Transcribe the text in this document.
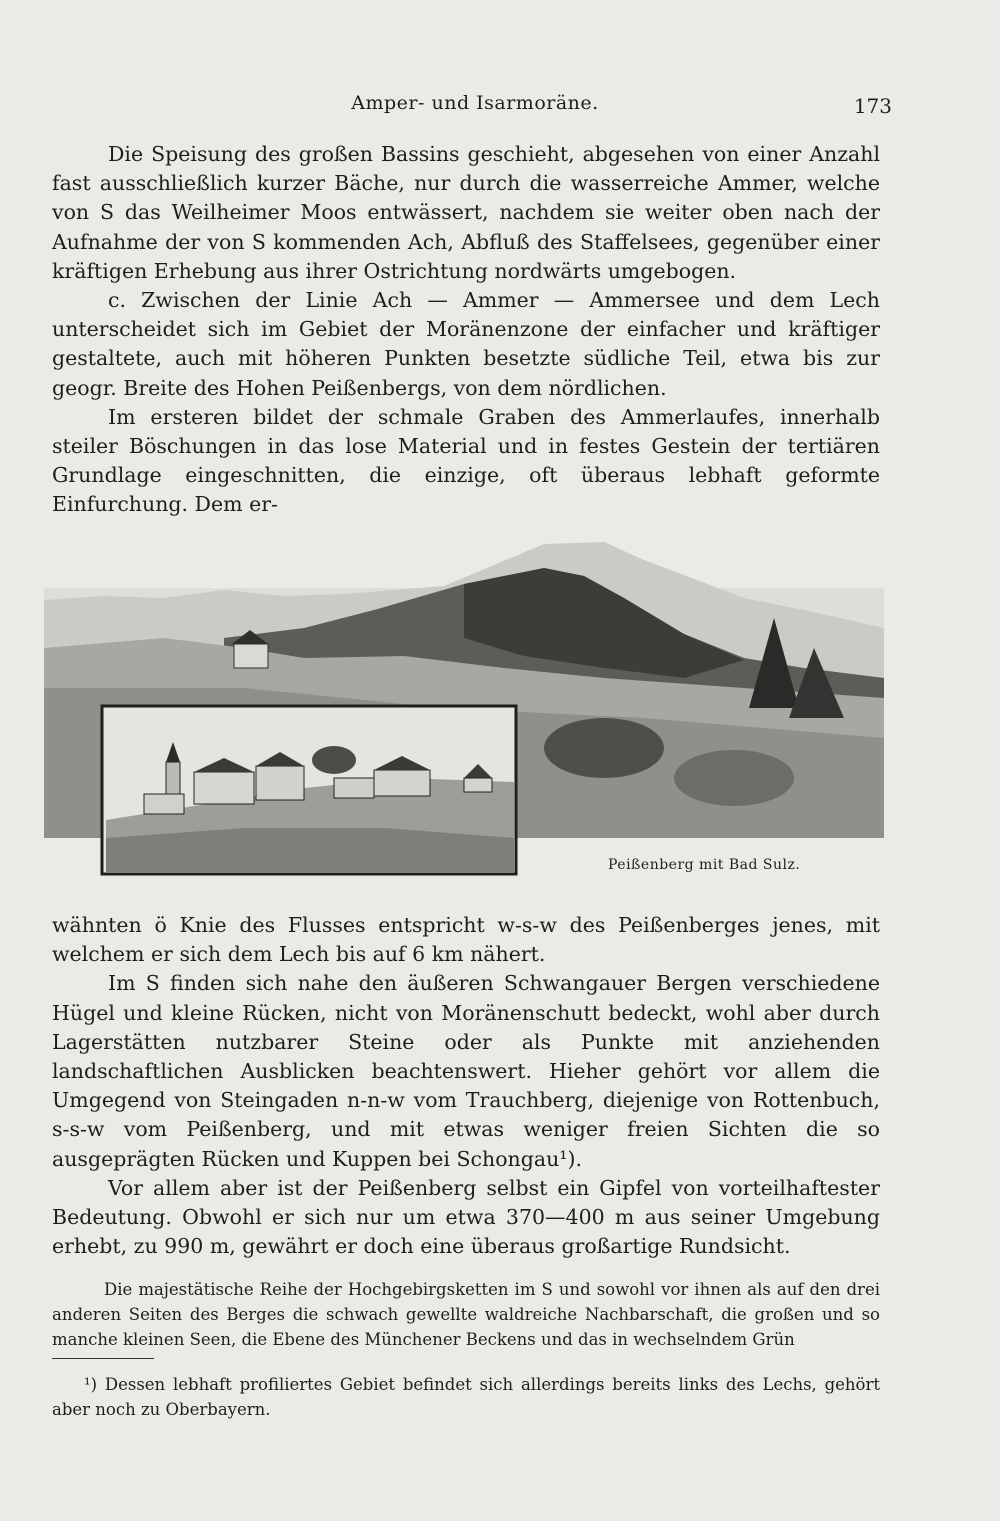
Amper- und Isarmoräne.	173

Die Speisung des großen Bassins geschieht, abgesehen von einer Anzahl fast ausschließlich kurzer Bäche, nur durch die wasserreiche Ammer, welche von S das Weilheimer Moos entwässert, nachdem sie weiter oben nach der Aufnahme der von S kommenden Ach, Abfluß des Staffelsees, gegenüber einer kräftigen Erhebung aus ihrer Ostrichtung nordwärts umgebogen.

c. Zwischen der Linie Ach — Ammer — Ammersee und dem Lech unterscheidet sich im Gebiet der Moränenzone der einfacher und kräftiger gestaltete, auch mit höheren Punkten besetzte südliche Teil, etwa bis zur geogr. Breite des Hohen Peißenbergs, von dem nördlichen.

Im ersteren bildet der schmale Graben des Ammerlaufes, innerhalb steiler Böschungen in das lose Material und in festes Gestein der tertiären Grundlage eingeschnitten, die einzige, oft überaus lebhaft geformte Einfurchung. Dem er-

Peißenberg mit Bad Sulz.

wähnten ö Knie des Flusses entspricht w-s-w des Peißenberges jenes, mit welchem er sich dem Lech bis auf 6 km nähert.

Im S finden sich nahe den äußeren Schwangauer Bergen verschiedene Hügel und kleine Rücken, nicht von Moränenschutt bedeckt, wohl aber durch Lagerstätten nutzbarer Steine oder als Punkte mit anziehenden landschaftlichen Ausblicken beachtenswert. Hieher gehört vor allem die Umgegend von Steingaden n-n-w vom Trauchberg, diejenige von Rottenbuch, s-s-w vom Peißenberg, und mit etwas weniger freien Sichten die so ausgeprägten Rücken und Kuppen bei Schongau¹).

Vor allem aber ist der Peißenberg selbst ein Gipfel von vorteilhaftester Bedeutung. Obwohl er sich nur um etwa 370—400 m aus seiner Umgebung erhebt, zu 990 m, gewährt er doch eine überaus großartige Rundsicht.

Die majestätische Reihe der Hochgebirgsketten im S und sowohl vor ihnen als auf den drei anderen Seiten des Berges die schwach gewellte waldreiche Nachbarschaft, die großen und so manche kleinen Seen, die Ebene des Münchener Beckens und das in wechselndem Grün

¹) Dessen lebhaft profiliertes Gebiet befindet sich allerdings bereits links des Lechs, gehört aber noch zu Oberbayern.
